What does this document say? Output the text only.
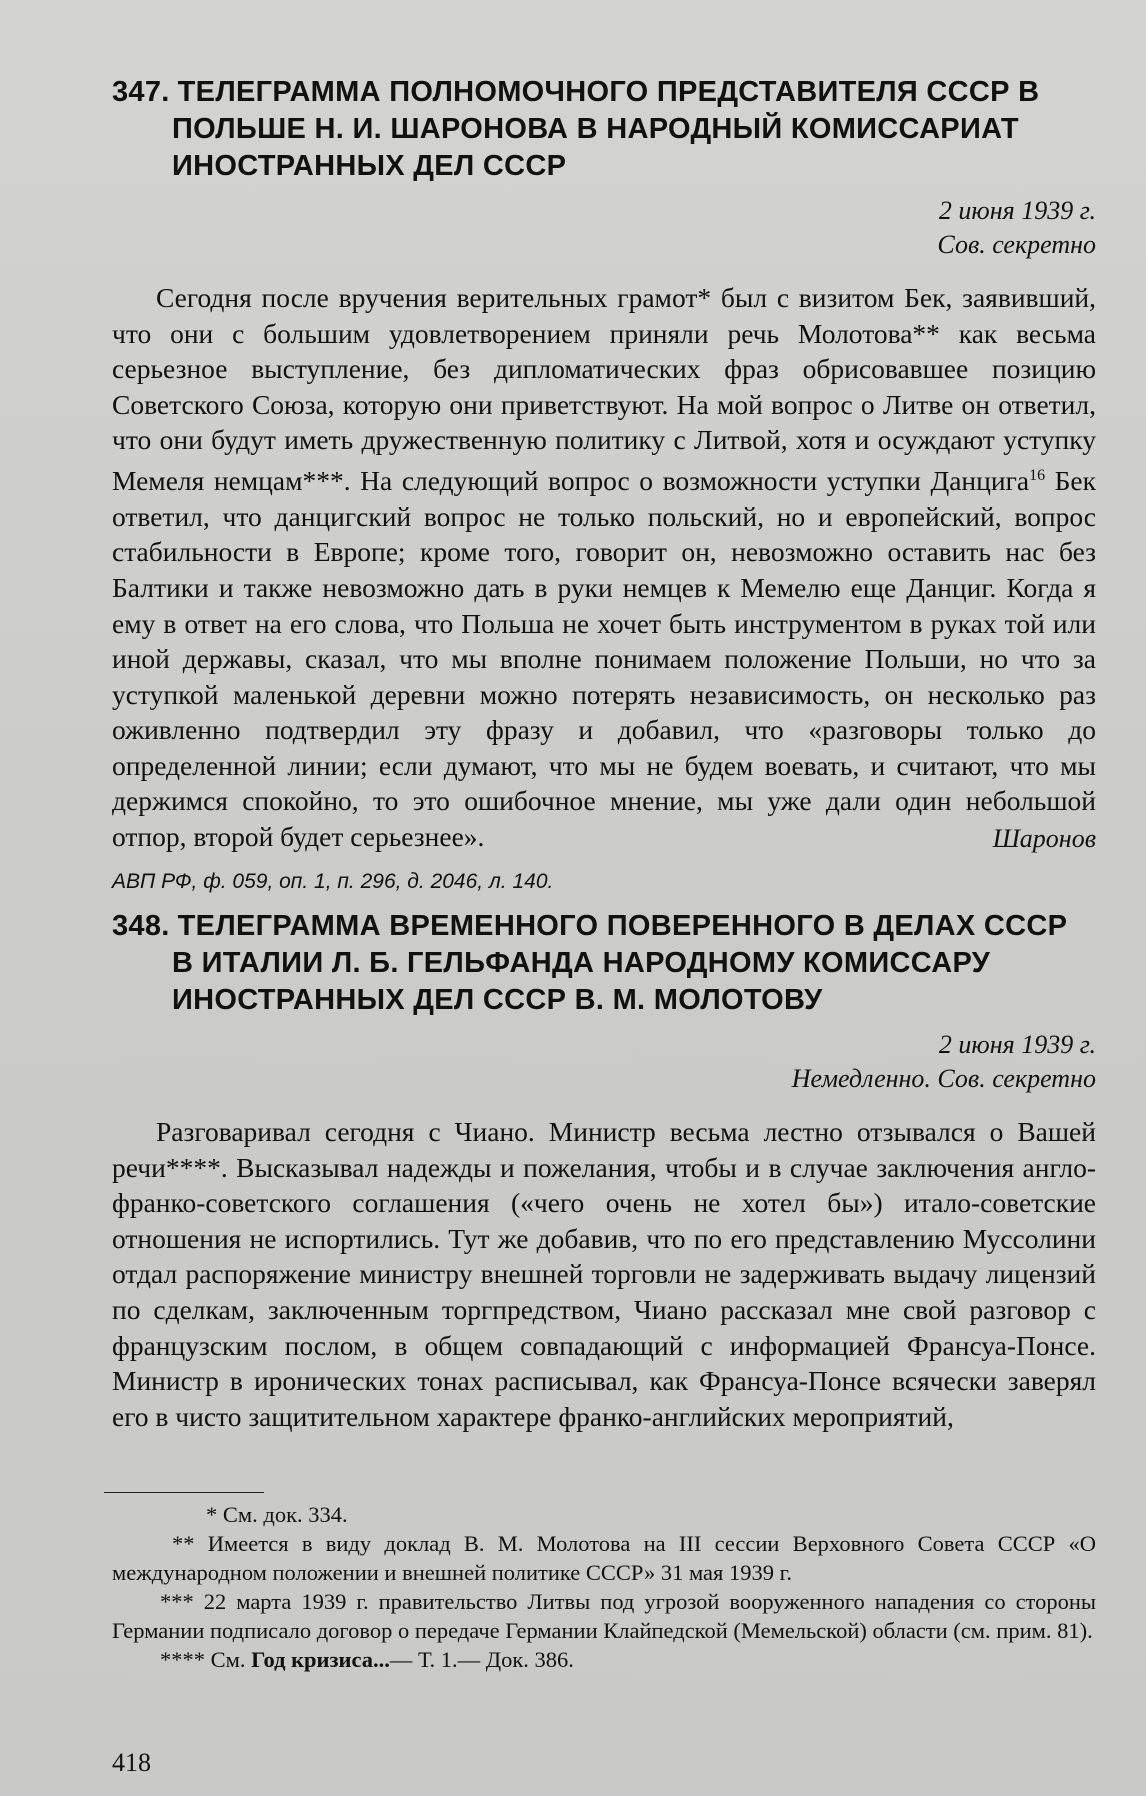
347. ТЕЛЕГРАММА ПОЛНОМОЧНОГО ПРЕДСТАВИТЕЛЯ СССР В
ПОЛЬШЕ Н. И. ШАРОНОВА В НАРОДНЫЙ КОМИССАРИАТ
ИНОСТРАННЫХ ДЕЛ СССР
2 июня 1939 г.
Сов. секретно

Сегодня после вручения верительных грамот* был с визитом Бек, заявивший, что они с большим удовлетворением приняли речь Молотова** как весьма серьезное выступление, без дипломатических фраз обрисовавшее позицию Советского Союза, которую они приветствуют. На мой вопрос о Литве он ответил, что они будут иметь дружественную политику с Литвой, хотя и осуждают уступку Мемеля немцам***. На следующий вопрос о возможности уступки Данцига$^{16}$ Бек ответил, что данцигский вопрос не только польский, но и европейский, вопрос стабильности в Европе; кроме того, говорит он, невозможно оставить нас без Балтики и также невозможно дать в руки немцев к Мемелю еще Данциг. Когда я ему в ответ на его слова, что Польша не хочет быть инструментом в руках той или иной державы, сказал, что мы вполне понимаем положение Польши, но что за уступкой маленькой деревни можно потерять независимость, он несколько раз оживленно подтвердил эту фразу и добавил, что «разговоры только до определенной линии; если думают, что мы не будем воевать, и считают, что мы держимся спокойно, то это ошибочное мнение, мы уже дали один небольшой отпор, второй будет серьезнее».	Шаронов
АВП РФ, ф. 059, оп. 1, п. 296, д. 2046, л. 140.
348. ТЕЛЕГРАММА ВРЕМЕННОГО ПОВЕРЕННОГО В ДЕЛАХ СССР
В ИТАЛИИ Л. Б. ГЕЛЬФАНДА НАРОДНОМУ КОМИССАРУ
ИНОСТРАННЫХ ДЕЛ СССР В. М. МОЛОТОВУ
2 июня 1939 г.
Немедленно. Сов. секретно

Разговаривал сегодня с Чиано. Министр весьма лестно отзывался о Вашей речи****. Высказывал надежды и пожелания, чтобы и в случае заключения англо-франко-советского соглашения («чего очень не хотел бы») итало-советские отношения не испортились. Тут же добавив, что по его представлению Муссолини отдал распоряжение министру внешней торговли не задерживать выдачу лицензий по сделкам, заключенным торгпредством, Чиано рассказал мне свой разговор с французским послом, в общем совпадающий с информацией Франсуа-Понсе. Министр в иронических тонах расписывал, как Франсуа-Понсе всячески заверял его в чисто защитительном характере франко-английских мероприятий,

* См. док. 334.

** Имеется в виду доклад В. М. Молотова на III сессии Верховного Совета СССР «О международном положении и внешней политике СССР» 31 мая 1939 г.

*** 22 марта 1939 г. правительство Литвы под угрозой вооруженного нападения со стороны Германии подписало договор о передаче Германии Клайпедской (Мемельской) области (см. прим. 81).

**** См. Год кризиса...— Т. 1.— Док. 386.

418
